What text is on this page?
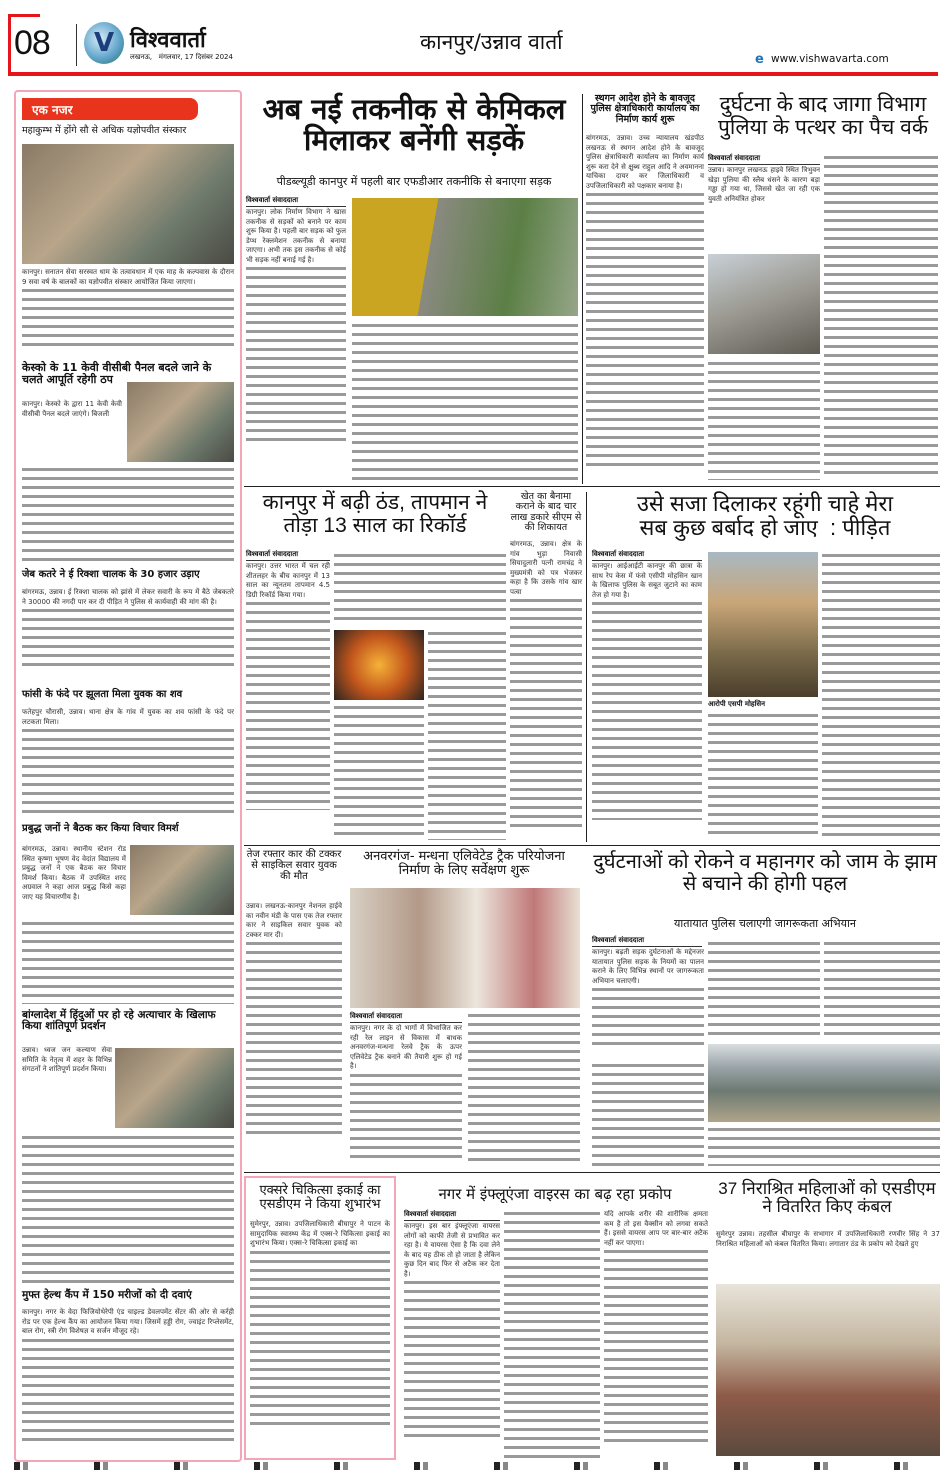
08	V विश्ववार्ता
लखनऊ,   मंगलवार, 17 दिसंबर 2024
कानपुर/उन्नाव वार्ता
e www.vishwavarta.com
एक नजर
महाकुम्भ में होंगे सौ से अधिक यज्ञोपवीत संस्कार
कानपुर। सनातन सेवा सरस्वत धाम के तत्वावधान में एक माह के कल्पवास के दौरान 9 सवा वर्ष के बालकों का यज्ञोपवीत संस्कार आयोजित किया जाएगा।
केस्को के 11 केवी वीसीबी पैनल बदले जाने के चलते आपूर्ति रहेगी ठप
कानपुर। केस्को के द्वारा 11 केवी केवी वीसीबी पैनल बदले जाएंगे। बिजली
जेब कतरे ने ई रिक्शा चालक के 30 हजार उड़ाए
बांगरमऊ, उन्नाव। ई रिक्शा चालक को झांसे में लेकर सवारी के रूप में बैठे जेबकतरे ने 30000 की नगदी पार कर दी पीड़ित ने पुलिस से कार्यवाही की मांग की है।
फांसी के फंदे पर झूलता मिला युवक का शव
फतेहपुर चौरासी, उन्नाव। थाना क्षेत्र के गांव में युवक का शव फांसी के फंदे पर लटकता मिला।
प्रबुद्ध जनों ने बैठक कर किया विचार विमर्श
बांगरमऊ, उन्नाव। स्थानीय स्टेशन रोड स्थित कृष्णा भूषण वेद वेदांत विद्यालय में प्रबुद्ध जनों ने एक बैठक कर विचार विमर्श किया। बैठक में उपस्थित शरद अग्रवाल ने कहा आज प्रबुद्ध किसे कहा जाए यह विचारणीय है।
बांग्लादेश में हिंदुओं पर हो रहे अत्याचार के खिलाफ किया शांतिपूर्ण प्रदर्शन
उन्नाव। ध्वज जन कल्याण सेवा समिति के नेतृत्व में शहर के विभिन्न संगठनों ने शांतिपूर्ण प्रदर्शन किया।
मुफ्त हेल्थ कैंप में 150 मरीजों को दी दवाएं
कानपुर। नगर के वेदा फिजियोथेरेपी एंड चाइल्ड डेवलपमेंट सेंटर की ओर से कर्रही रोड पर एक हेल्थ कैंप का आयोजन किया गया। जिसमें हड्डी रोग, ज्वाइंट रिप्लेसमेंट, बाल रोग, स्त्री रोग विशेषज्ञ व सर्जन मौजूद रहे।
अब नई तकनीक से केमिकल
मिलाकर बनेंगी सड़कें
पीडब्ल्यूडी कानपुर में पहली बार एफडीआर तकनीकि से बनाएगा सड़क
विश्ववार्ता संवाददाता
कानपुर। लोक निर्माण विभाग ने खास तकनीक से सड़कों को बनाने पर काम शुरू किया है। पहली बार सड़क को फुल डेप्थ रेक्लमेशन तकनीक से बनाया जाएगा। अभी तक इस तकनीक से कोई भी सड़क नहीं बनाई गई है।
स्थगन आदेश होने के बावजूद पुलिस क्षेत्राधिकारी कार्यालय का निर्माण कार्य शुरू
बांगरमऊ, उन्नाव। उच्च न्यायालय खंडपीठ लखनऊ से स्थगन आदेश होने के बावजूद पुलिस क्षेत्राधिकारी कार्यालय का निर्माण कार्य शुरू करा देने से क्षुब्ध राहुल आदि ने अवमानना याचिका दायर कर जिलाधिकारी व उपजिलाधिकारी को पक्षकार बनाया है।
दुर्घटना के बाद जागा विभाग पुलिया के पत्थर का पैच वर्क
विश्ववार्ता संवाददाता
उन्नाव। कानपुर लखनऊ हाइवे स्थित त्रिभुवन खेड़ा पुलिया की स्लैब धंसने के कारण बड़ा गड्ढा हो गया था, जिससे खेत जा रही एक युवती अनियंत्रित होकर
कानपुर में बढ़ी ठंड, तापमान ने तोड़ा 13 साल का रिकॉर्ड
विश्ववार्ता संवाददाता
कानपुर। उत्तर भारत में चल रही शीतलहर के बीच कानपुर में 13 साल का न्यूनतम तापमान 4.5 डिग्री रिकॉर्ड किया गया।
खेत का बैनामा कराने के बाद चार लाख डकारे सीएम से की शिकायत
बांगरमऊ, उन्नाव। क्षेत्र के गांव भुड़ा निवासी सियादुलारी पत्नी रामचंद्र ने मुख्यमंत्री को पत्र भेजकर कहा है कि उसके गांव खार पत्वा
उसे सजा दिलाकर रहूंगी चाहे मेरा
सब कुछ बर्बाद हो जाए  : पीड़ित
विश्ववार्ता संवाददाता
कानपुर। आईआईटी कानपुर की छात्रा के साथ रेप केस में फंसे एसीपी मोहसिन खान के खिलाफ पुलिस के सबूत जुटाने का काम तेज हो गया है।
आरोपी एसपी मोहसिन
तेज रफ्तार कार की टक्कर से साइकिल सवार युवक की मौत
उन्नाव। लखनऊ-कानपुर नेशनल हाईवे का नवीन मंडी के पास एक तेज रफ्तार कार ने साइकिल सवार युवक को टक्कर मार दी।
अनवरगंज- मन्धना एलिवेटेड ट्रैक परियोजना निर्माण के लिए सर्वेक्षण शुरू
विश्ववार्ता संवाददाता
कानपुर। नगर के दो भागों में विभाजित कर रही रेल लाइन से विकास में बाधक अनवरगंज-मन्धना रेलवे ट्रैक के ऊपर एलिवेटेड ट्रैक बनाने की तैयारी शुरू हो गई है।
दुर्घटनाओं को रोकने व महानगर को जाम के झाम से बचाने की होगी पहल
यातायात पुलिस चलाएगी जागरूकता अभियान
विश्ववार्ता संवाददाता
कानपुर। बढ़ती सड़क दुर्घटनाओं के मद्देनजर यातायात पुलिस सड़क के नियमों का पालन कराने के लिए विभिन्न स्थानों पर जागरूकता अभियान चलाएगी।
एक्सरे चिकित्सा इकाई का एसडीएम ने किया शुभारंभ
सुमेरपुर, उन्नाव। उपजिलाधिकारी बीघापुर ने पाटन के सामुदायिक स्वास्थ्य केंद्र में एक्स-रे चिकित्सा इकाई का शुभारंभ किया। एक्स-रे चिकित्सा इकाई का
नगर में इंफ्लूएंजा वाइरस का बढ़ रहा प्रकोप
विश्ववार्ता संवाददाता
कानपुर। इस बार इंफ्लूएंजा वायरस लोगों को काफी तेजी से प्रभावित कर रहा है। ये वायरस ऐसा है कि दवा लेने के बाद यह ठीक तो हो जाता है लेकिन कुछ दिन बाद फिर से अटैक कर देता है।
यदि आपके शरीर की शारीरिक क्षमता कम है तो इस वैक्सीन को लगवा सकते हैं। इससे वायरस आप पर बार-बार अटैक नहीं कर पाएगा।
37 निराश्रित महिलाओं को एसडीएम ने वितरित किए कंबल
सुमेरपुर उन्नाव। तहसील बीघापुर के सभागार में उपजिलाधिकारी रणवीर सिंह ने 37 निराश्रित महिलाओं को कंबल वितरित किया। लगातार ठंड के प्रकोप को देखते हुए
